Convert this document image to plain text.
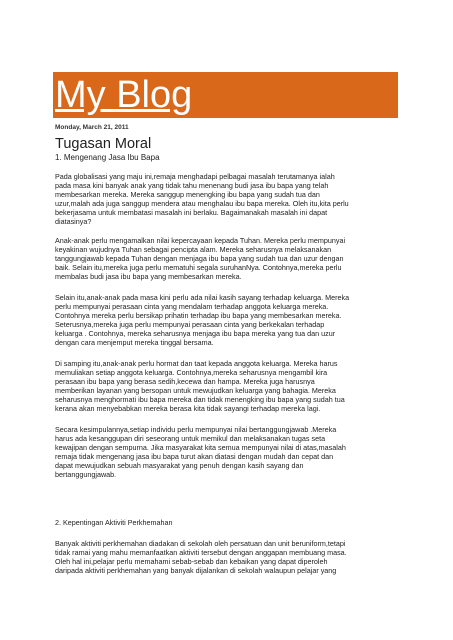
My Blog
Monday, March 21, 2011
Tugasan Moral
1. Mengenang Jasa Ibu Bapa
Pada globalisasi yang maju ini,remaja menghadapi pelbagai masalah terutamanya ialah
pada masa kini banyak anak yang tidak tahu menenang budi jasa ibu bapa yang telah
membesarkan mereka. Mereka sanggup menengking ibu bapa yang sudah tua dan
uzur,malah ada juga sanggup mendera atau menghalau ibu bapa mereka. Oleh itu,kita perlu
bekerjasama untuk membatasi masalah ini berlaku. Bagaimanakah masalah ini dapat
diatasinya?
Anak-anak perlu mengamalkan nilai kepercayaan kepada Tuhan. Mereka perlu mempunyai
keyakinan wujudnya Tuhan sebagai pencipta alam. Mereka seharusnya melaksanakan
tanggungjawab kepada Tuhan dengan menjaga ibu bapa yang sudah tua dan uzur dengan
baik. Selain itu,mereka juga perlu mematuhi segala suruhanNya. Contohnya,mereka perlu
membalas budi jasa ibu bapa yang membesarkan mereka.
Selain itu,anak-anak pada masa kini perlu ada nilai kasih sayang terhadap keluarga. Mereka
perlu mempunyai perasaan cinta yang mendalam terhadap anggota keluarga mereka.
Contohnya mereka perlu bersikap prihatin terhadap ibu bapa yang membesarkan mereka.
Seterusnya,mereka juga perlu mempunyai perasaan cinta yang berkekalan terhadap
keluarga . Contohnya, mereka seharusnya menjaga ibu bapa mereka yang tua dan uzur
dengan cara menjemput mereka tinggal bersama.
Di samping itu,anak-anak perlu hormat dan taat kepada anggota keluarga. Mereka harus
memuliakan setiap anggota keluarga. Contohnya,mereka seharusnya mengambil kira
perasaan ibu bapa yang berasa sedih,kecewa dan hampa. Mereka juga harusnya
memberikan layanan yang bersopan untuk mewujudkan keluarga yang bahagia. Mereka
seharusnya menghormati ibu bapa mereka dan tidak menengking ibu bapa yang sudah tua
kerana akan menyebabkan mereka berasa kita tidak sayangi terhadap mereka lagi.
Secara kesimpulannya,setiap individu perlu mempunyai nilai bertanggungjawab .Mereka
harus ada kesanggupan diri seseorang untuk memikul dan melaksanakan tugas seta
kewajipan dengan sempurna. Jika masyarakat kita semua mempunyai nilai di atas,masalah
remaja tidak mengenang jasa ibu bapa turut akan diatasi dengan mudah dan cepat dan
dapat mewujudkan sebuah masyarakat yang penuh dengan kasih sayang dan
bertanggungjawab.
2. Kepentingan Aktiviti Perkhemahan
Banyak aktiviti perkhemahan diadakan di sekolah oleh persatuan dan unit beruniform,tetapi
tidak ramai yang mahu memanfaatkan aktiviti tersebut dengan anggapan membuang masa.
Oleh hal ini,pelajar perlu memahami sebab-sebab dan kebaikan yang dapat diperoleh
daripada aktiviti perkhemahan yang banyak dijalankan di sekolah walaupun pelajar yang
